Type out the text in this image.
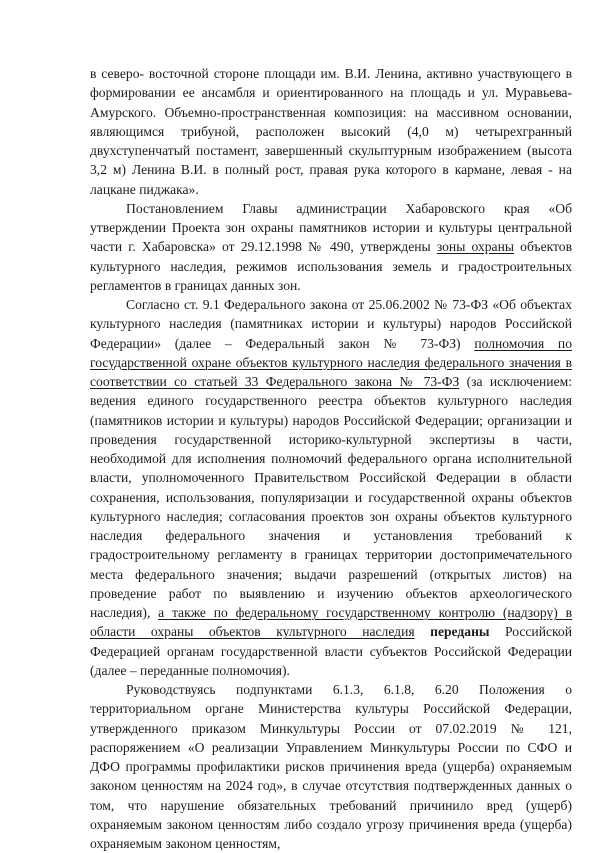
в северо- восточной стороне площади им. В.И. Ленина, активно участвующего в формировании ее ансамбля и ориентированного на площадь и ул. Муравьева-Амурского. Объемно-пространственная композиция: на массивном основании, являющимся трибуной, расположен высокий (4,0 м) четырехгранный двухступенчатый постамент, завершенный скульптурным изображением (высота 3,2 м) Ленина В.И. в полный рост, правая рука которого в кармане, левая - на лацкане пиджака».

Постановлением Главы администрации Хабаровского края «Об утверждении Проекта зон охраны памятников истории и культуры центральной части г. Хабаровска» от 29.12.1998 № 490, утверждены зоны охраны объектов культурного наследия, режимов использования земель и градостроительных регламентов в границах данных зон.

Согласно ст. 9.1 Федерального закона от 25.06.2002 № 73-ФЗ «Об объектах культурного наследия (памятниках истории и культуры) народов Российской Федерации» (далее – Федеральный закон № 73-ФЗ) полномочия по государственной охране объектов культурного наследия федерального значения в соответствии со статьей 33 Федерального закона № 73-ФЗ (за исключением: ведения единого государственного реестра объектов культурного наследия (памятников истории и культуры) народов Российской Федерации; организации и проведения государственной историко-культурной экспертизы в части, необходимой для исполнения полномочий федерального органа исполнительной власти, уполномоченного Правительством Российской Федерации в области сохранения, использования, популяризации и государственной охраны объектов культурного наследия; согласования проектов зон охраны объектов культурного наследия федерального значения и установления требований к градостроительному регламенту в границах территории достопримечательного места федерального значения; выдачи разрешений (открытых листов) на проведение работ по выявлению и изучению объектов археологического наследия), а также по федеральному государственному контролю (надзору) в области охраны объектов культурного наследия переданы Российской Федерацией органам государственной власти субъектов Российской Федерации (далее – переданные полномочия).

Руководствуясь подпунктами 6.1.3, 6.1.8, 6.20 Положения о территориальном органе Министерства культуры Российской Федерации, утвержденного приказом Минкультуры России от 07.02.2019 № 121, распоряжением «О реализации Управлением Минкультуры России по СФО и ДФО программы профилактики рисков причинения вреда (ущерба) охраняемым законом ценностям на 2024 год», в случае отсутствия подтвержденных данных о том, что нарушение обязательных требований причинило вред (ущерб) охраняемым законом ценностям либо создало угрозу причинения вреда (ущерба) охраняемым законом ценностям,
